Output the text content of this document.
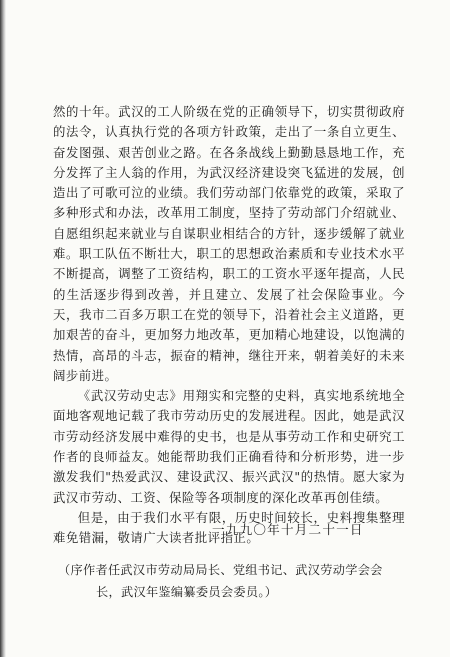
然的十年。武汉的工人阶级在党的正确领导下，切实贯彻政府的法令，认真执行党的各项方针政策，走出了一条自立更生、奋发图强、艰苦创业之路。在各条战线上勤勤恳恳地工作，充分发挥了主人翁的作用，为武汉经济建设突飞猛进的发展，创造出了可歌可泣的业绩。我们劳动部门依靠党的政策，采取了多种形式和办法，改革用工制度，坚持了劳动部门介绍就业、自愿组织起来就业与自谋职业相结合的方针，逐步缓解了就业难。职工队伍不断壮大，职工的思想政治素质和专业技术水平不断提高，调整了工资结构，职工的工资水平逐年提高，人民的生活逐步得到改善，并且建立、发展了社会保险事业。今天，我市二百多万职工在党的领导下，沿着社会主义道路，更加艰苦的奋斗，更加努力地改革，更加精心地建设，以饱满的热情，高昂的斗志，振奋的精神，继往开来，朝着美好的未来阔步前进。

《武汉劳动史志》用翔实和完整的史料，真实地系统地全面地客观地记载了我市劳动历史的发展进程。因此，她是武汉市劳动经济发展中难得的史书，也是从事劳动工作和史研究工作者的良师益友。她能帮助我们正确看待和分析形势，进一步激发我们"热爱武汉、建设武汉、振兴武汉"的热情。愿大家为武汉市劳动、工资、保险等各项制度的深化改革再创佳绩。

但是，由于我们水平有限，历史时间较长，史料搜集整理难免错漏，敬请广大读者批评指正。

一九九〇年十月二十一日
（序作者任武汉市劳动局局长、党组书记、武汉劳动学会会
长，武汉年鉴编纂委员会委员。）
